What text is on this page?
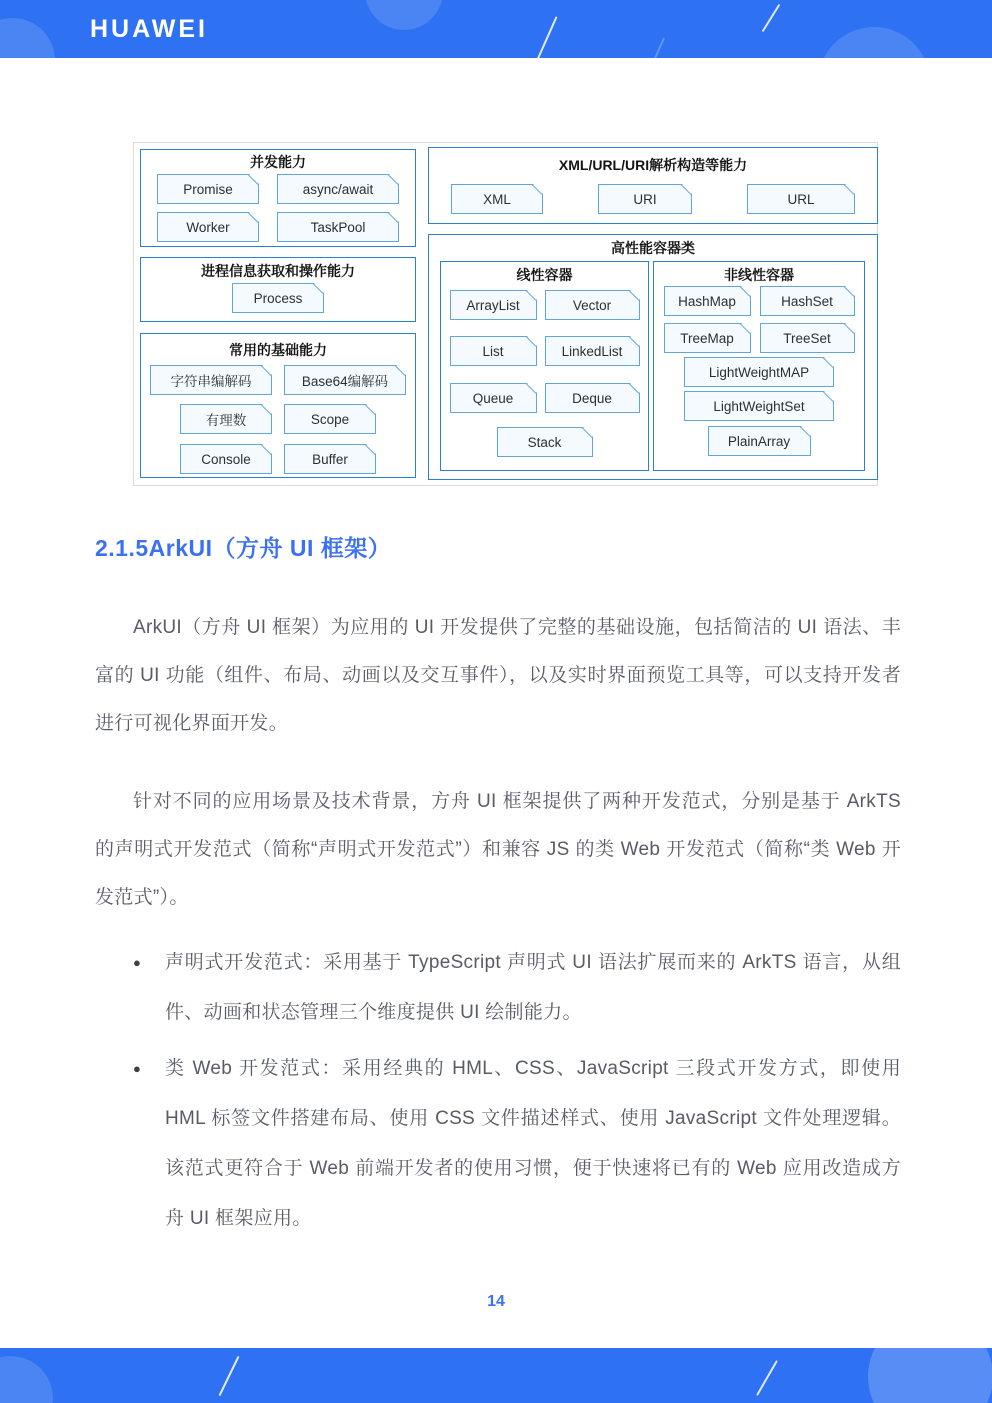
HUAWEI
并发能力
Promise	async/await
Worker	TaskPool
进程信息获取和操作能力
Process
常用的基础能力
字符串编解码	Base64编解码
有理数	Scope
Console	Buffer
XML/URL/URI解析构造等能力
XML	URI	URL
高性能容器类
线性容器
ArrayList	Vector
List	LinkedList
Queue	Deque
Stack
非线性容器
HashMap	HashSet
TreeMap	TreeSet
LightWeightMAP
LightWeightSet
PlainArray
2.1.5ArkUI（方舟 UI 框架）

ArkUI（方舟 UI 框架）为应用的 UI 开发提供了完整的基础设施，包括简洁的 UI 语法、丰富的 UI 功能（组件、布局、动画以及交互事件），以及实时界面预览工具等，可以支持开发者进行可视化界面开发。

针对不同的应用场景及技术背景，方舟 UI 框架提供了两种开发范式，分别是基于 ArkTS 的声明式开发范式（简称“声明式开发范式”）和兼容 JS 的类 Web 开发范式（简称“类 Web 开发范式”）。

●	声明式开发范式：采用基于 TypeScript 声明式 UI 语法扩展而来的 ArkTS 语言，从组件、动画和状态管理三个维度提供 UI 绘制能力。
●	类 Web 开发范式：采用经典的 HML、CSS、JavaScript 三段式开发方式，即使用 HML 标签文件搭建布局、使用 CSS 文件描述样式、使用 JavaScript 文件处理逻辑。该范式更符合于 Web 前端开发者的使用习惯，便于快速将已有的 Web 应用改造成方舟 UI 框架应用。
14
